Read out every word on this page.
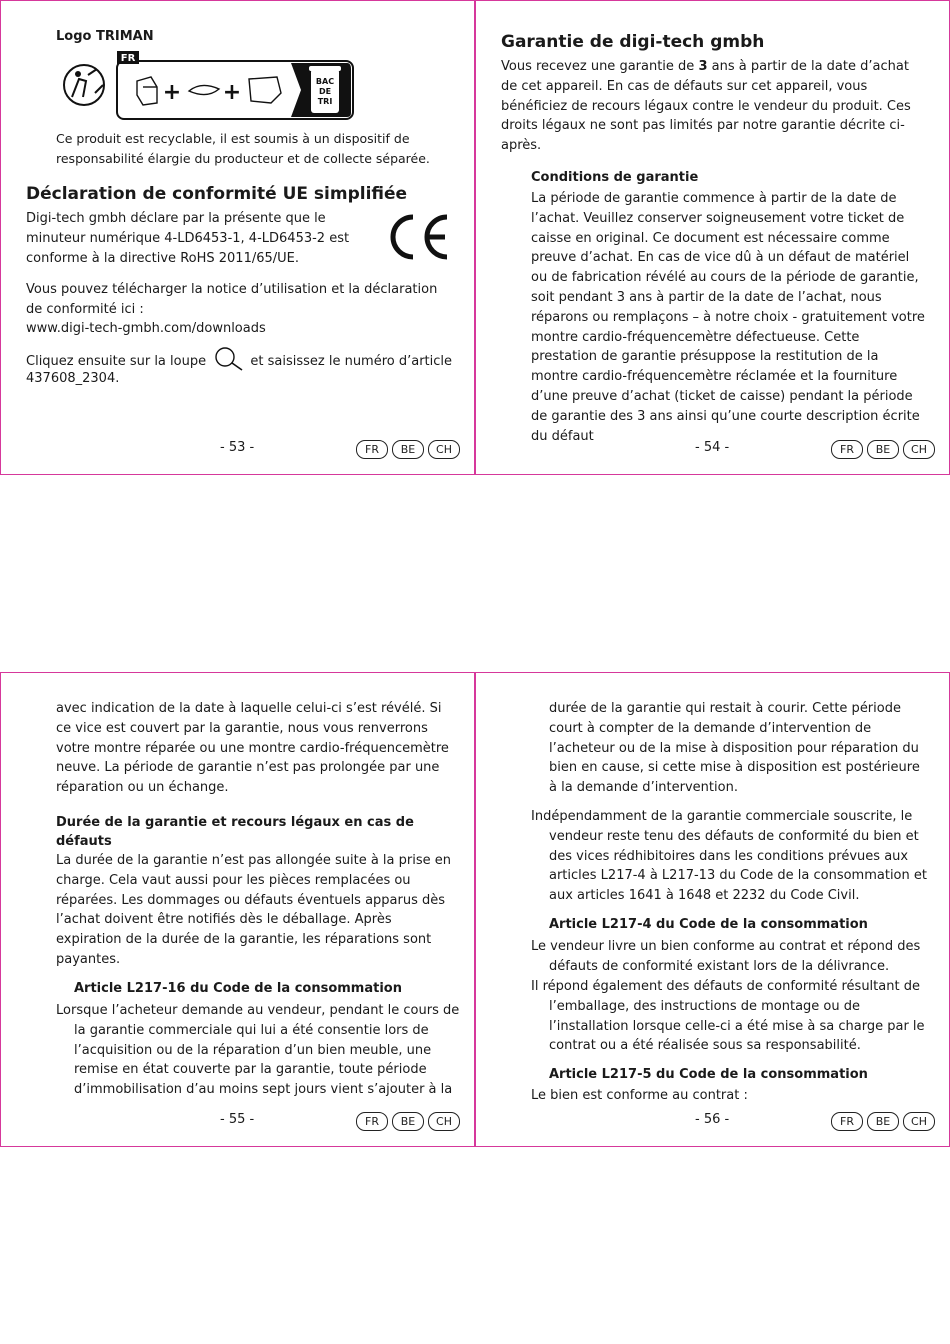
Logo TRIMAN
FR
+ +	BAC
DE
TRI

Ce produit est recyclable, il est soumis à un dispositif de responsabilité élargie du producteur et de collecte séparée.

Déclaration de conformité UE simplifiée

Digi-tech gmbh déclare par la présente que le minuteur numérique 4-LD6453-1, 4-LD6453-2 est conforme à la directive RoHS 2011/65/UE.

Vous pouvez télécharger la notice d’utilisation et la déclaration de conformité ici :

www.digi-tech-gmbh.com/downloads

Cliquez ensuite sur la loupe	et saisissez le numéro d’article

437608_2304.

- 53 -	FR	BE	CH
Garantie de digi-tech gmbh

Vous recevez une garantie de 3 ans à partir de la date d’achat de cet appareil. En cas de défauts sur cet appareil, vous bénéficiez de recours légaux contre le vendeur du produit. Ces droits légaux ne sont pas limités par notre garantie décrite ci-après.

Conditions de garantie

La période de garantie commence à partir de la date de l’achat. Veuillez conserver soigneusement votre ticket de caisse en original. Ce document est nécessaire comme preuve d’achat. En cas de vice dû à un défaut de matériel ou de fabrication révélé au cours de la période de garantie, soit pendant 3 ans à partir de la date de l’achat, nous réparons ou remplaçons – à notre choix - gratuitement votre montre cardio-fréquencemètre défectueuse. Cette prestation de garantie présuppose la restitution de la montre cardio-fréquencemètre réclamée et la fourniture d’une preuve d’achat (ticket de caisse) pendant la période de garantie des 3 ans ainsi qu’une courte description écrite du défaut

- 54 -	FR	BE	CH

avec indication de la date à laquelle celui-ci s’est révélé. Si ce vice est couvert par la garantie, nous vous renverrons votre montre réparée ou une montre cardio-fréquencemètre neuve. La période de garantie n’est pas prolongée par une réparation ou un échange.

Durée de la garantie et recours légaux en cas de défauts

La durée de la garantie n’est pas allongée suite à la prise en charge. Cela vaut aussi pour les pièces remplacées ou réparées. Les dommages ou défauts éventuels apparus dès l’achat doivent être notifiés dès le déballage. Après expiration de la durée de la garantie, les réparations sont payantes.

Article L217-16 du Code de la consommation

Lorsque l’acheteur demande au vendeur, pendant le cours de la garantie commerciale qui lui a été consentie lors de l’acquisition ou de la réparation d’un bien meuble, une remise en état couverte par la garantie, toute période d’immobilisation d’au moins sept jours vient s’ajouter à la

- 55 -	FR	BE	CH

durée de la garantie qui restait à courir. Cette période court à compter de la demande d’intervention de l’acheteur ou de la mise à disposition pour réparation du bien en cause, si cette mise à disposition est postérieure à la demande d’intervention.

Indépendamment de la garantie commerciale souscrite, le vendeur reste tenu des défauts de conformité du bien et des vices rédhibitoires dans les conditions prévues aux articles L217-4 à L217-13 du Code de la consommation et aux articles 1641 à 1648 et 2232 du Code Civil.

Article L217-4 du Code de la consommation

Le vendeur livre un bien conforme au contrat et répond des défauts de conformité existant lors de la délivrance.

Il répond également des défauts de conformité résultant de l’emballage, des instructions de montage ou de l’installation lorsque celle-ci a été mise à sa charge par le contrat ou a été réalisée sous sa responsabilité.

Article L217-5 du Code de la consommation

Le bien est conforme au contrat :

- 56 -	FR	BE	CH
